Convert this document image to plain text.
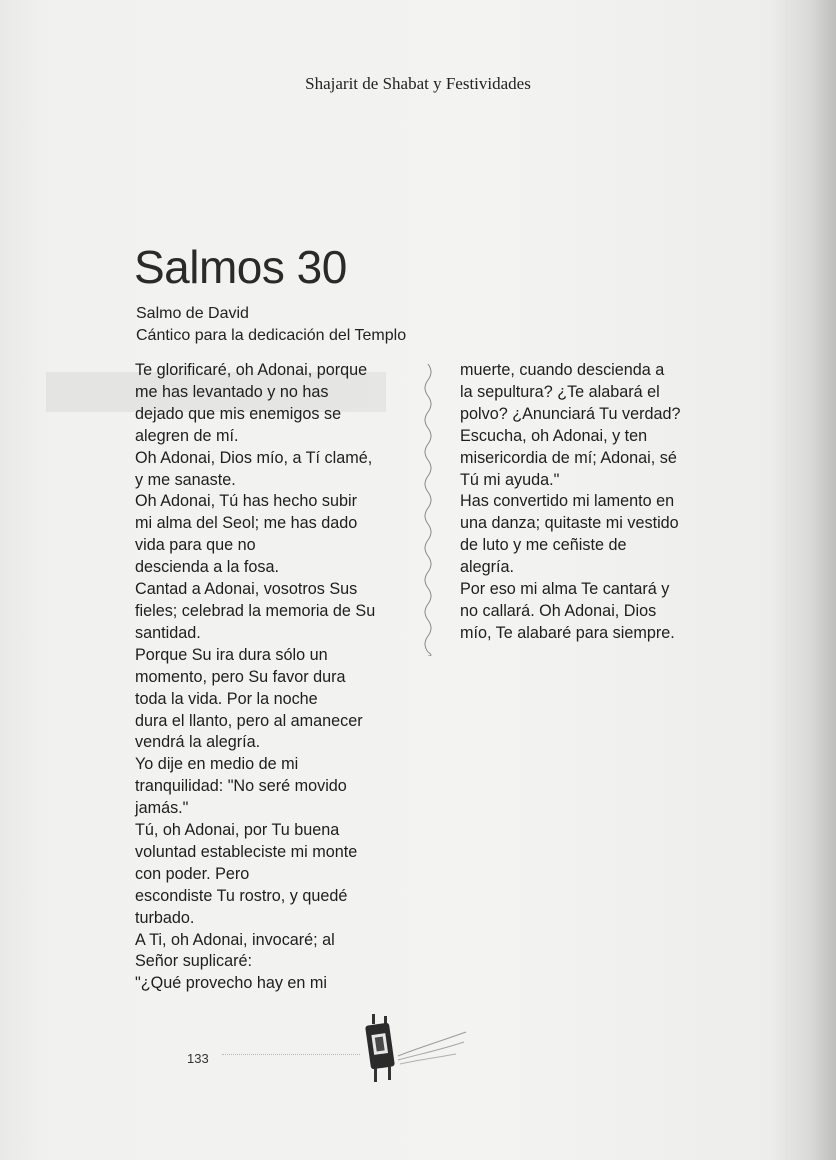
Shajarit de Shabat y Festividades
Salmos 30
Salmo de David
Cántico para la dedicación del Templo
Te glorificaré, oh Adonai, porque
me has levantado y no has
dejado que mis enemigos se
alegren de mí.
Oh Adonai, Dios mío, a Tí clamé,
y me sanaste.
Oh Adonai, Tú has hecho subir
mi alma del Seol; me has dado
vida para que no
descienda a la fosa.
Cantad a Adonai, vosotros Sus
fieles; celebrad la memoria de Su
santidad.
Porque Su ira dura sólo un
momento, pero Su favor dura
toda la vida. Por la noche
dura el llanto, pero al amanecer
vendrá la alegría.
Yo dije en medio de mi
tranquilidad: "No seré movido
jamás."
Tú, oh Adonai, por Tu buena
voluntad estableciste mi monte
con poder. Pero
escondiste Tu rostro, y quedé
turbado.
A Ti, oh Adonai, invocaré; al
Señor suplicaré:
"¿Qué provecho hay en mi
muerte, cuando descienda a
la sepultura? ¿Te alabará el
polvo? ¿Anunciará Tu verdad?
Escucha, oh Adonai, y ten
misericordia de mí; Adonai, sé
Tú mi ayuda."
Has convertido mi lamento en
una danza; quitaste mi vestido
de luto y me ceñiste de
alegría.
Por eso mi alma Te cantará y
no callará. Oh Adonai, Dios
mío, Te alabaré para siempre.
133
